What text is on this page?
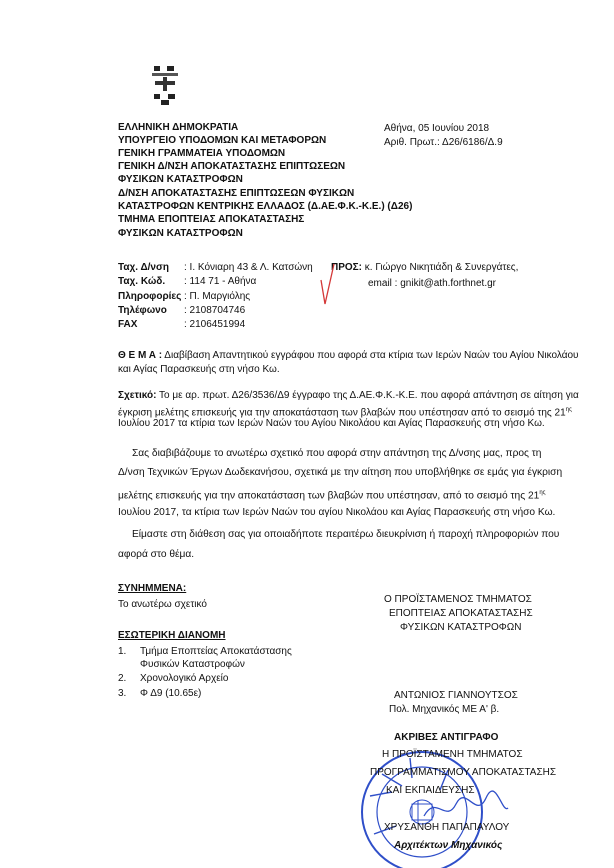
ΕΛΛΗΝΙΚΗ ΔΗΜΟΚΡΑΤΙΑ
ΥΠΟΥΡΓΕΙΟ ΥΠΟΔΟΜΩΝ ΚΑΙ ΜΕΤΑΦΟΡΩΝ
ΓΕΝΙΚΗ ΓΡΑΜΜΑΤΕΙΑ ΥΠΟΔΟΜΩΝ
ΓΕΝΙΚΗ Δ/ΝΣΗ ΑΠΟΚΑΤΑΣΤΑΣΗΣ ΕΠΙΠΤΩΣΕΩΝ
ΦΥΣΙΚΩΝ ΚΑΤΑΣΤΡΟΦΩΝ
Δ/ΝΣΗ ΑΠΟΚΑΤΑΣΤΑΣΗΣ ΕΠΙΠΤΩΣΕΩΝ ΦΥΣΙΚΩΝ
ΚΑΤΑΣΤΡΟΦΩΝ ΚΕΝΤΡΙΚΗΣ ΕΛΛΑΔΟΣ (Δ.ΑΕ.Φ.Κ.-Κ.Ε.) (Δ26)
ΤΜΗΜΑ ΕΠΟΠΤΕΙΑΣ ΑΠΟΚΑΤΑΣΤΑΣΗΣ
ΦΥΣΙΚΩΝ ΚΑΤΑΣΤΡΟΦΩΝ
Αθήνα, 05 Ιουνίου 2018
Αριθ. Πρωτ.: Δ26/6186/Δ.9
Ταχ. Δ/νση : Ι. Κόνιαρη 43 & Λ. Κατσώνη
Ταχ. Κώδ. : 114 71 - Αθήνα
Πληροφορίες : Π. Μαργιόλης
Τηλέφωνο : 2108704746
FAX	: 2106451994
ΠΡΟΣ: κ. Γιώργο Νικητιάδη & Συνεργάτες,
email : gnikit@ath.forthnet.gr
Θ Ε Μ Α : Διαβίβαση Απαντητικού εγγράφου που αφορά στα κτίρια των Ιερών Ναών του Αγίου Νικολάου
και Αγίας Παρασκευής στη νήσο Κω.
Σχετικό: Το με αρ. πρωτ. Δ26/3536/Δ9 έγγραφο της Δ.ΑΕ.Φ.Κ.-Κ.Ε. που αφορά απάντηση σε αίτηση για
έγκριση μελέτης επισκευής για την αποκατάσταση των βλαβών που υπέστησαν από το σεισμό της $21^{\eta\varsigma}$
Ιουλίου 2017 τα κτίρια των Ιερών Ναών του Αγίου Νικολάου και Αγίας Παρασκευής στη νήσο Κω.
Σας διαβιβάζουμε το ανωτέρω σχετικό που αφορά στην απάντηση της Δ/νσης μας, προς τη
Δ/νση Τεχνικών Έργων Δωδεκανήσου, σχετικά με την αίτηση που υποβλήθηκε σε εμάς για έγκριση
μελέτης επισκευής για την αποκατάσταση των βλαβών που υπέστησαν, από το σεισμό της $21^{\eta\varsigma}$
Ιουλίου 2017, τα κτίρια των Ιερών Ναών του αγίου Νικολάου και Αγίας Παρασκευής στη νήσο Κω.
Είμαστε στη διάθεση σας για οποιαδήποτε περαιτέρω διευκρίνιση ή παροχή πληροφοριών που
αφορά στο θέμα.
ΣΥΝΗΜΜΕΝΑ:
Το ανωτέρω σχετικό
ΕΣΩΤΕΡΙΚΗ ΔΙΑΝΟΜΗ
1. Τμήμα Εποπτείας Αποκατάστασης
Φυσικών Καταστροφών
2. Χρονολογικό Αρχείο
3. Φ Δ9 (10.65ε)
Ο ΠΡΟΪΣΤΑΜΕΝΟΣ ΤΜΗΜΑΤΟΣ
ΕΠΟΠΤΕΙΑΣ ΑΠΟΚΑΤΑΣΤΑΣΗΣ
ΦΥΣΙΚΩΝ ΚΑΤΑΣΤΡΟΦΩΝ
ΑΝΤΩΝΙΟΣ ΓΙΑΝΝΟΥΤΣΟΣ
Πολ. Μηχανικός ΜΕ Α' β.
ΑΚΡΙΒΕΣ ΑΝΤΙΓΡΑΦΟ
Η ΠΡΟΪΣΤΑΜΕΝΗ ΤΜΗΜΑΤΟΣ
ΠΡΟΓΡΑΜΜΑΤΙΣΜΟΥ ΑΠΟΚΑΤΑΣΤΑΣΗΣ
ΚΑΙ ΕΚΠΑΙΔΕΥΣΗΣ
ΧΡΥΣΑΝΘΗ ΠΑΠΑΠΑΥΛΟΥ
Αρχιτέκτων Μηχανικός
